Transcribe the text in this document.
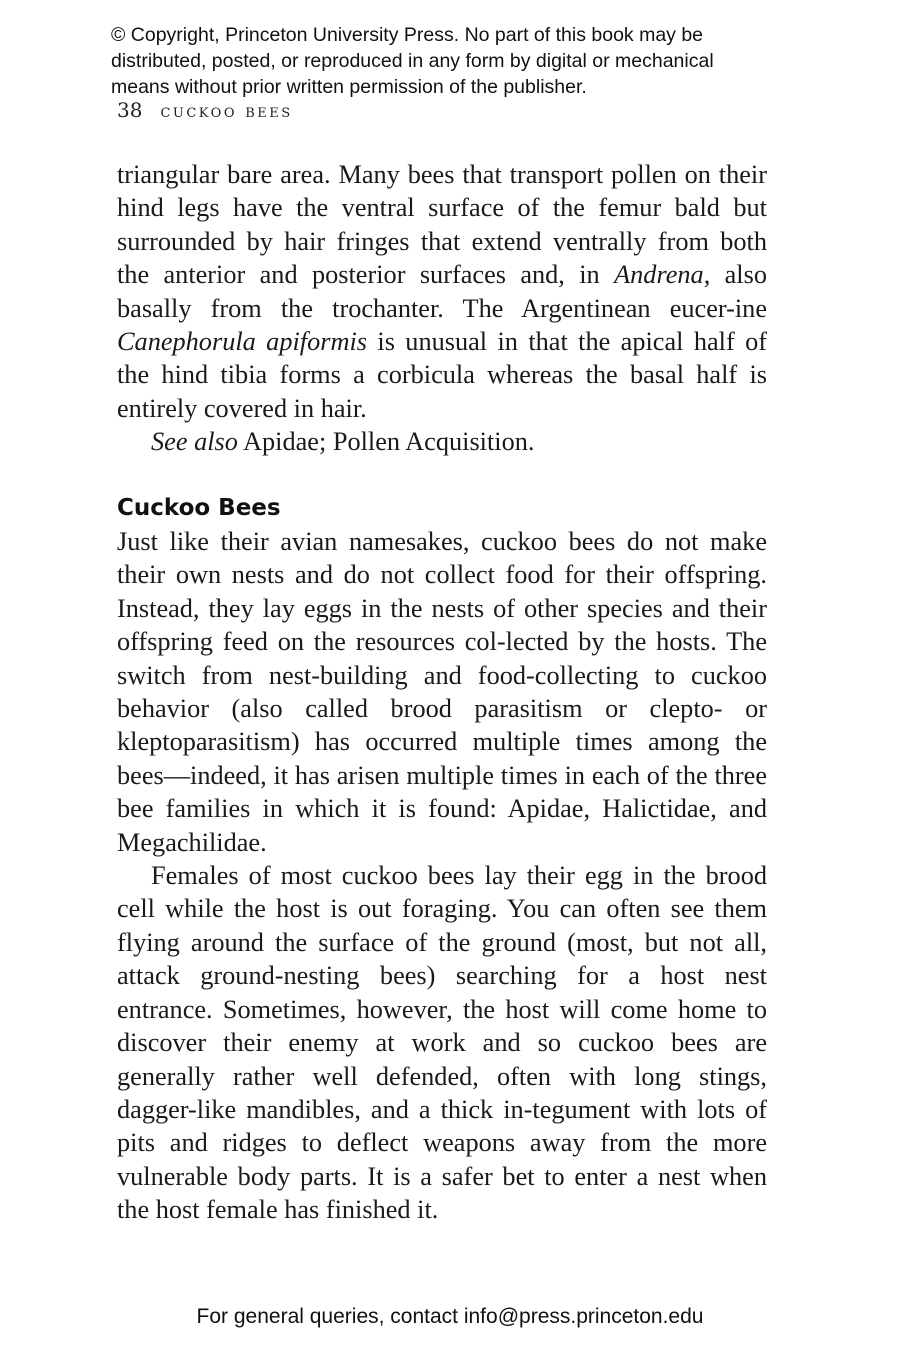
© Copyright, Princeton University Press. No part of this book may be
distributed, posted, or reproduced in any form by digital or mechanical
means without prior written permission of the publisher.
38 cuckoo bees

triangular bare area. Many bees that transport pollen on their hind legs have the ventral surface of the femur bald but surrounded by hair fringes that extend ventrally from both the anterior and posterior surfaces and, in Andrena, also basally from the trochanter. The Argentinean eucer-ine Canephorula apiformis is unusual in that the apical half of the hind tibia forms a corbicula whereas the basal half is entirely covered in hair.

See also Apidae; Pollen Acquisition.

Cuckoo Bees

Just like their avian namesakes, cuckoo bees do not make their own nests and do not collect food for their offspring. Instead, they lay eggs in the nests of other species and their offspring feed on the resources col-lected by the hosts. The switch from nest-building and food-collecting to cuckoo behavior (also called brood parasitism or clepto- or kleptoparasitism) has occurred multiple times among the bees—indeed, it has arisen multiple times in each of the three bee families in which it is found: Apidae, Halictidae, and Megachilidae.

Females of most cuckoo bees lay their egg in the brood cell while the host is out foraging. You can often see them flying around the surface of the ground (most, but not all, attack ground-nesting bees) searching for a host nest entrance. Sometimes, however, the host will come home to discover their enemy at work and so cuckoo bees are generally rather well defended, often with long stings, dagger-like mandibles, and a thick in-tegument with lots of pits and ridges to deflect weapons away from the more vulnerable body parts. It is a safer bet to enter a nest when the host female has finished it.

For general queries, contact info@press.princeton.edu
